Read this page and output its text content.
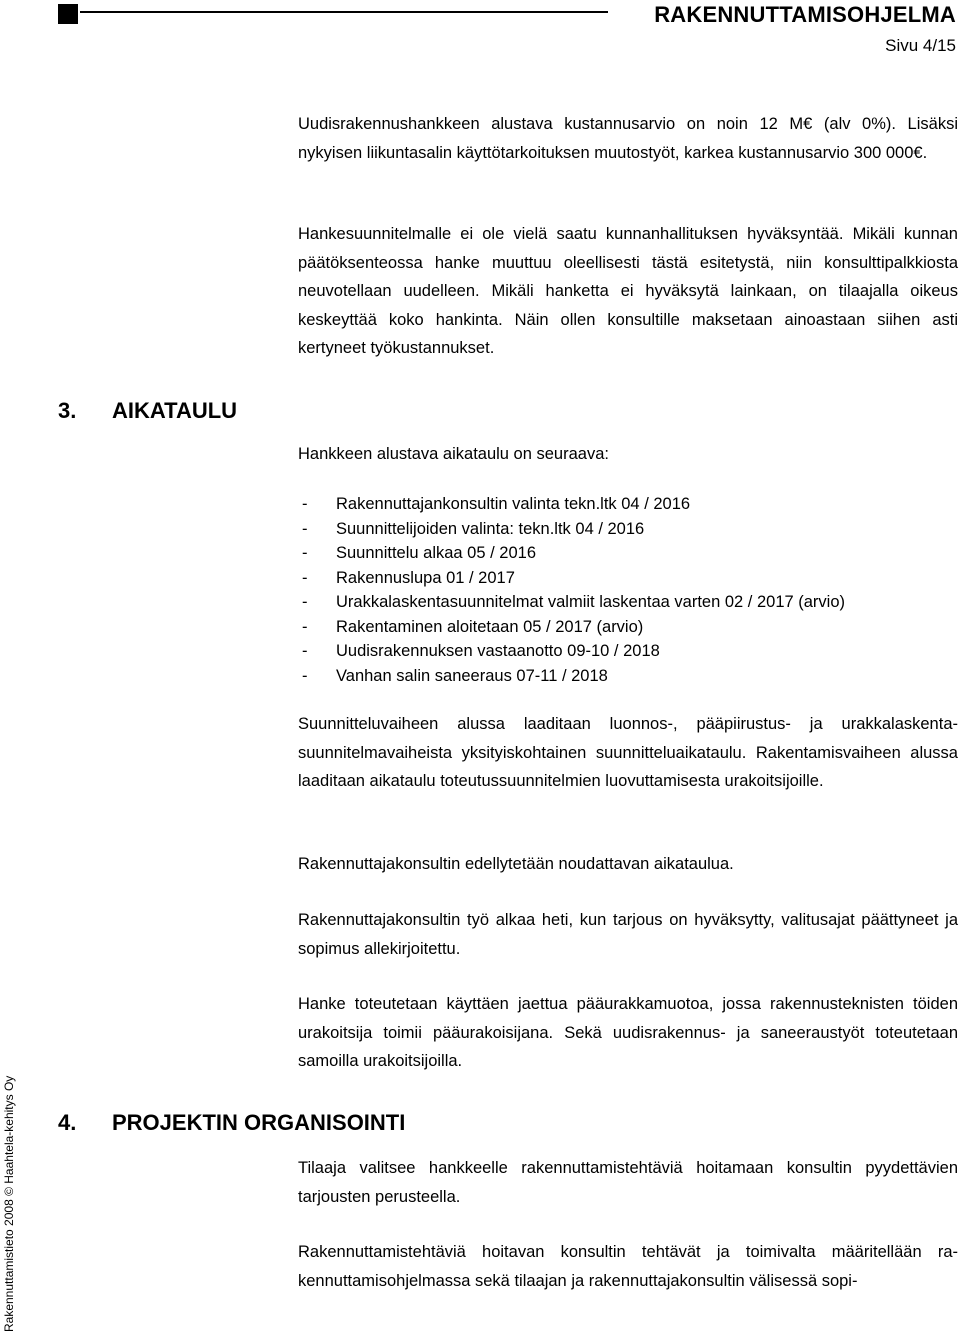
RAKENNUTTAMISOHJELMA
Sivu 4/15

Uudisrakennushankkeen alustava kustannusarvio on noin 12 M€ (alv 0%). Lisäksi nykyisen liikuntasalin käyttötarkoituksen muutostyöt, karkea kustannusarvio 300 000€.

Hankesuunnitelmalle ei ole vielä saatu kunnanhallituksen hyväksyntää. Mikäli kunnan päätöksenteossa hanke muuttuu oleellisesti tästä esitetystä, niin konsulttipalkkiosta neuvotellaan uudelleen. Mikäli hanketta ei hyväksytä lainkaan, on tilaajalla oikeus keskeyttää koko hankinta. Näin ollen konsultille maksetaan ainoastaan siihen asti kertyneet työkustannukset.

3. AIKATAULU

Hankkeen alustava aikataulu on seuraava:

- Rakennuttajankonsultin valinta tekn.ltk 04 / 2016
- Suunnittelijoiden valinta: tekn.ltk 04 / 2016
- Suunnittelu alkaa 05 / 2016
- Rakennuslupa 01 / 2017
- Urakkalaskentasuunnitelmat valmiit laskentaa varten 02 / 2017 (arvio)
- Rakentaminen aloitetaan 05 / 2017 (arvio)
- Uudisrakennuksen vastaanotto 09-10 / 2018
- Vanhan salin saneeraus 07-11 / 2018

Suunnitteluvaiheen alussa laaditaan luonnos-, pääpiirustus- ja urakkalaskentasuunnitelmavaiheista yksityiskohtainen suunnitteluaikataulu. Rakentamisvaiheen alussa laaditaan aikataulu toteutussuunnitelmien luovuttamisesta urakoitsijoille.

Rakennuttajakonsultin edellytetään noudattavan aikataulua.

Rakennuttajakonsultin työ alkaa heti, kun tarjous on hyväksytty, valitusajat päättyneet ja sopimus allekirjoitettu.

Hanke toteutetaan käyttäen jaettua pääurakkamuotoa, jossa rakennusteknisten töiden urakoitsija toimii pääurakoisijana. Sekä uudisrakennus- ja saneeraustyöt toteutetaan samoilla urakoitsijoilla.

4. PROJEKTIN ORGANISOINTI

Tilaaja valitsee hankkeelle rakennuttamistehtäviä hoitamaan konsultin pyydettävien tarjousten perusteella.

Rakennuttamistehtäviä hoitavan konsultin tehtävät ja toimivalta määritellään rakennuttamisohjelmassa sekä tilaajan ja rakennuttajakonsultin välisessä sopi-

Rakennuttamistieto 2008 © Haahtela-kehitys Oy
